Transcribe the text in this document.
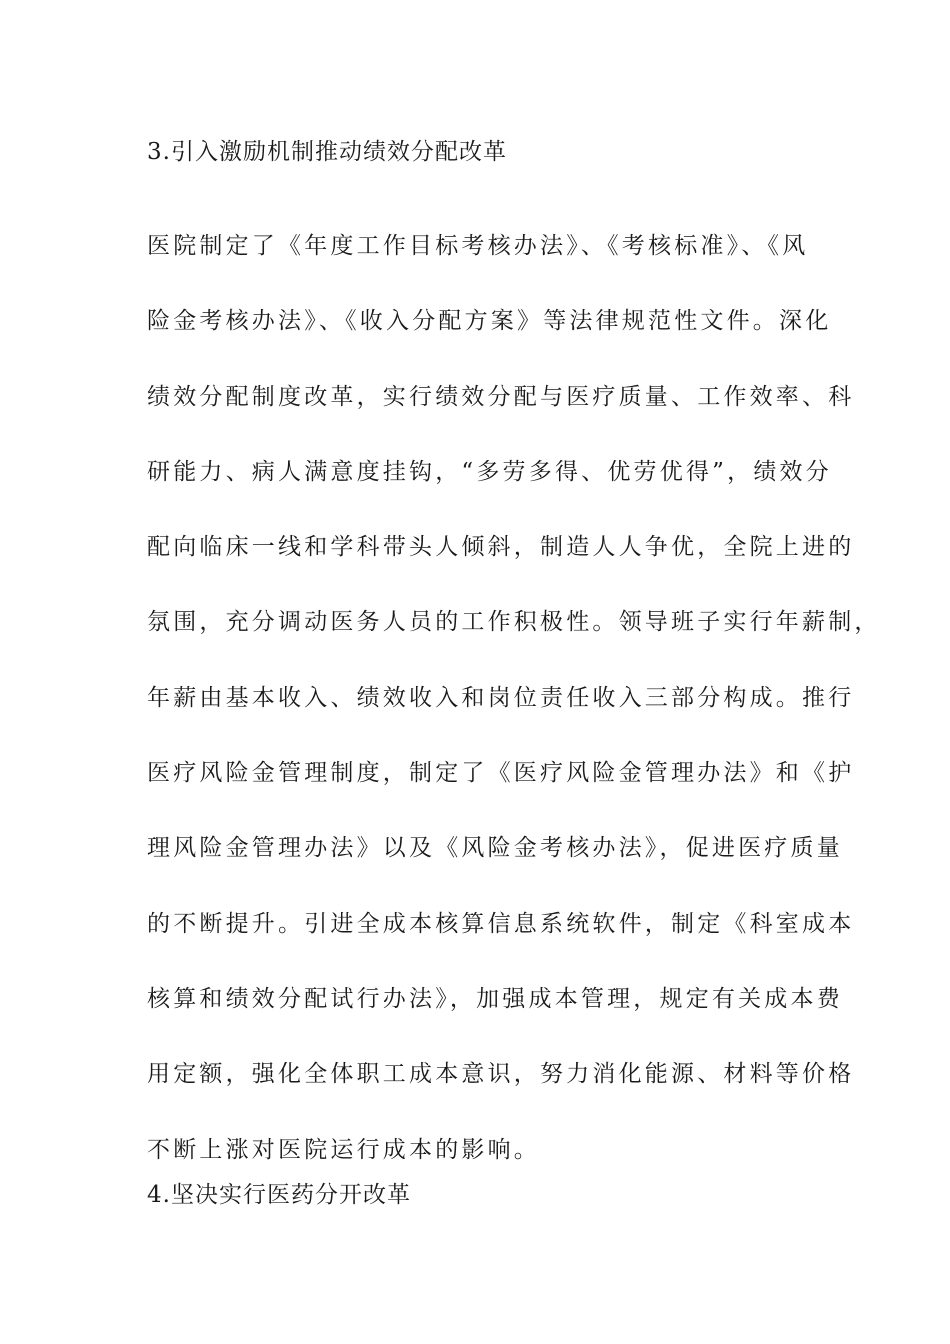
3.引入激励机制推动绩效分配改革
医院制定了《年度工作目标考核办法》、《考核标准》、《风
险金考核办法》、《收入分配方案》等法律规范性文件。深化
绩效分配制度改革，实行绩效分配与医疗质量、工作效率、科
研能力、病人满意度挂钩，“多劳多得、优劳优得”，绩效分
配向临床一线和学科带头人倾斜，制造人人争优，全院上进的
氛围，充分调动医务人员的工作积极性。领导班子实行年薪制，
年薪由基本收入、绩效收入和岗位责任收入三部分构成。推行
医疗风险金管理制度，制定了《医疗风险金管理办法》和《护
理风险金管理办法》以及《风险金考核办法》，促进医疗质量
的不断提升。引进全成本核算信息系统软件，制定《科室成本
核算和绩效分配试行办法》，加强成本管理，规定有关成本费
用定额，强化全体职工成本意识，努力消化能源、材料等价格
不断上涨对医院运行成本的影响。
4.坚决实行医药分开改革
